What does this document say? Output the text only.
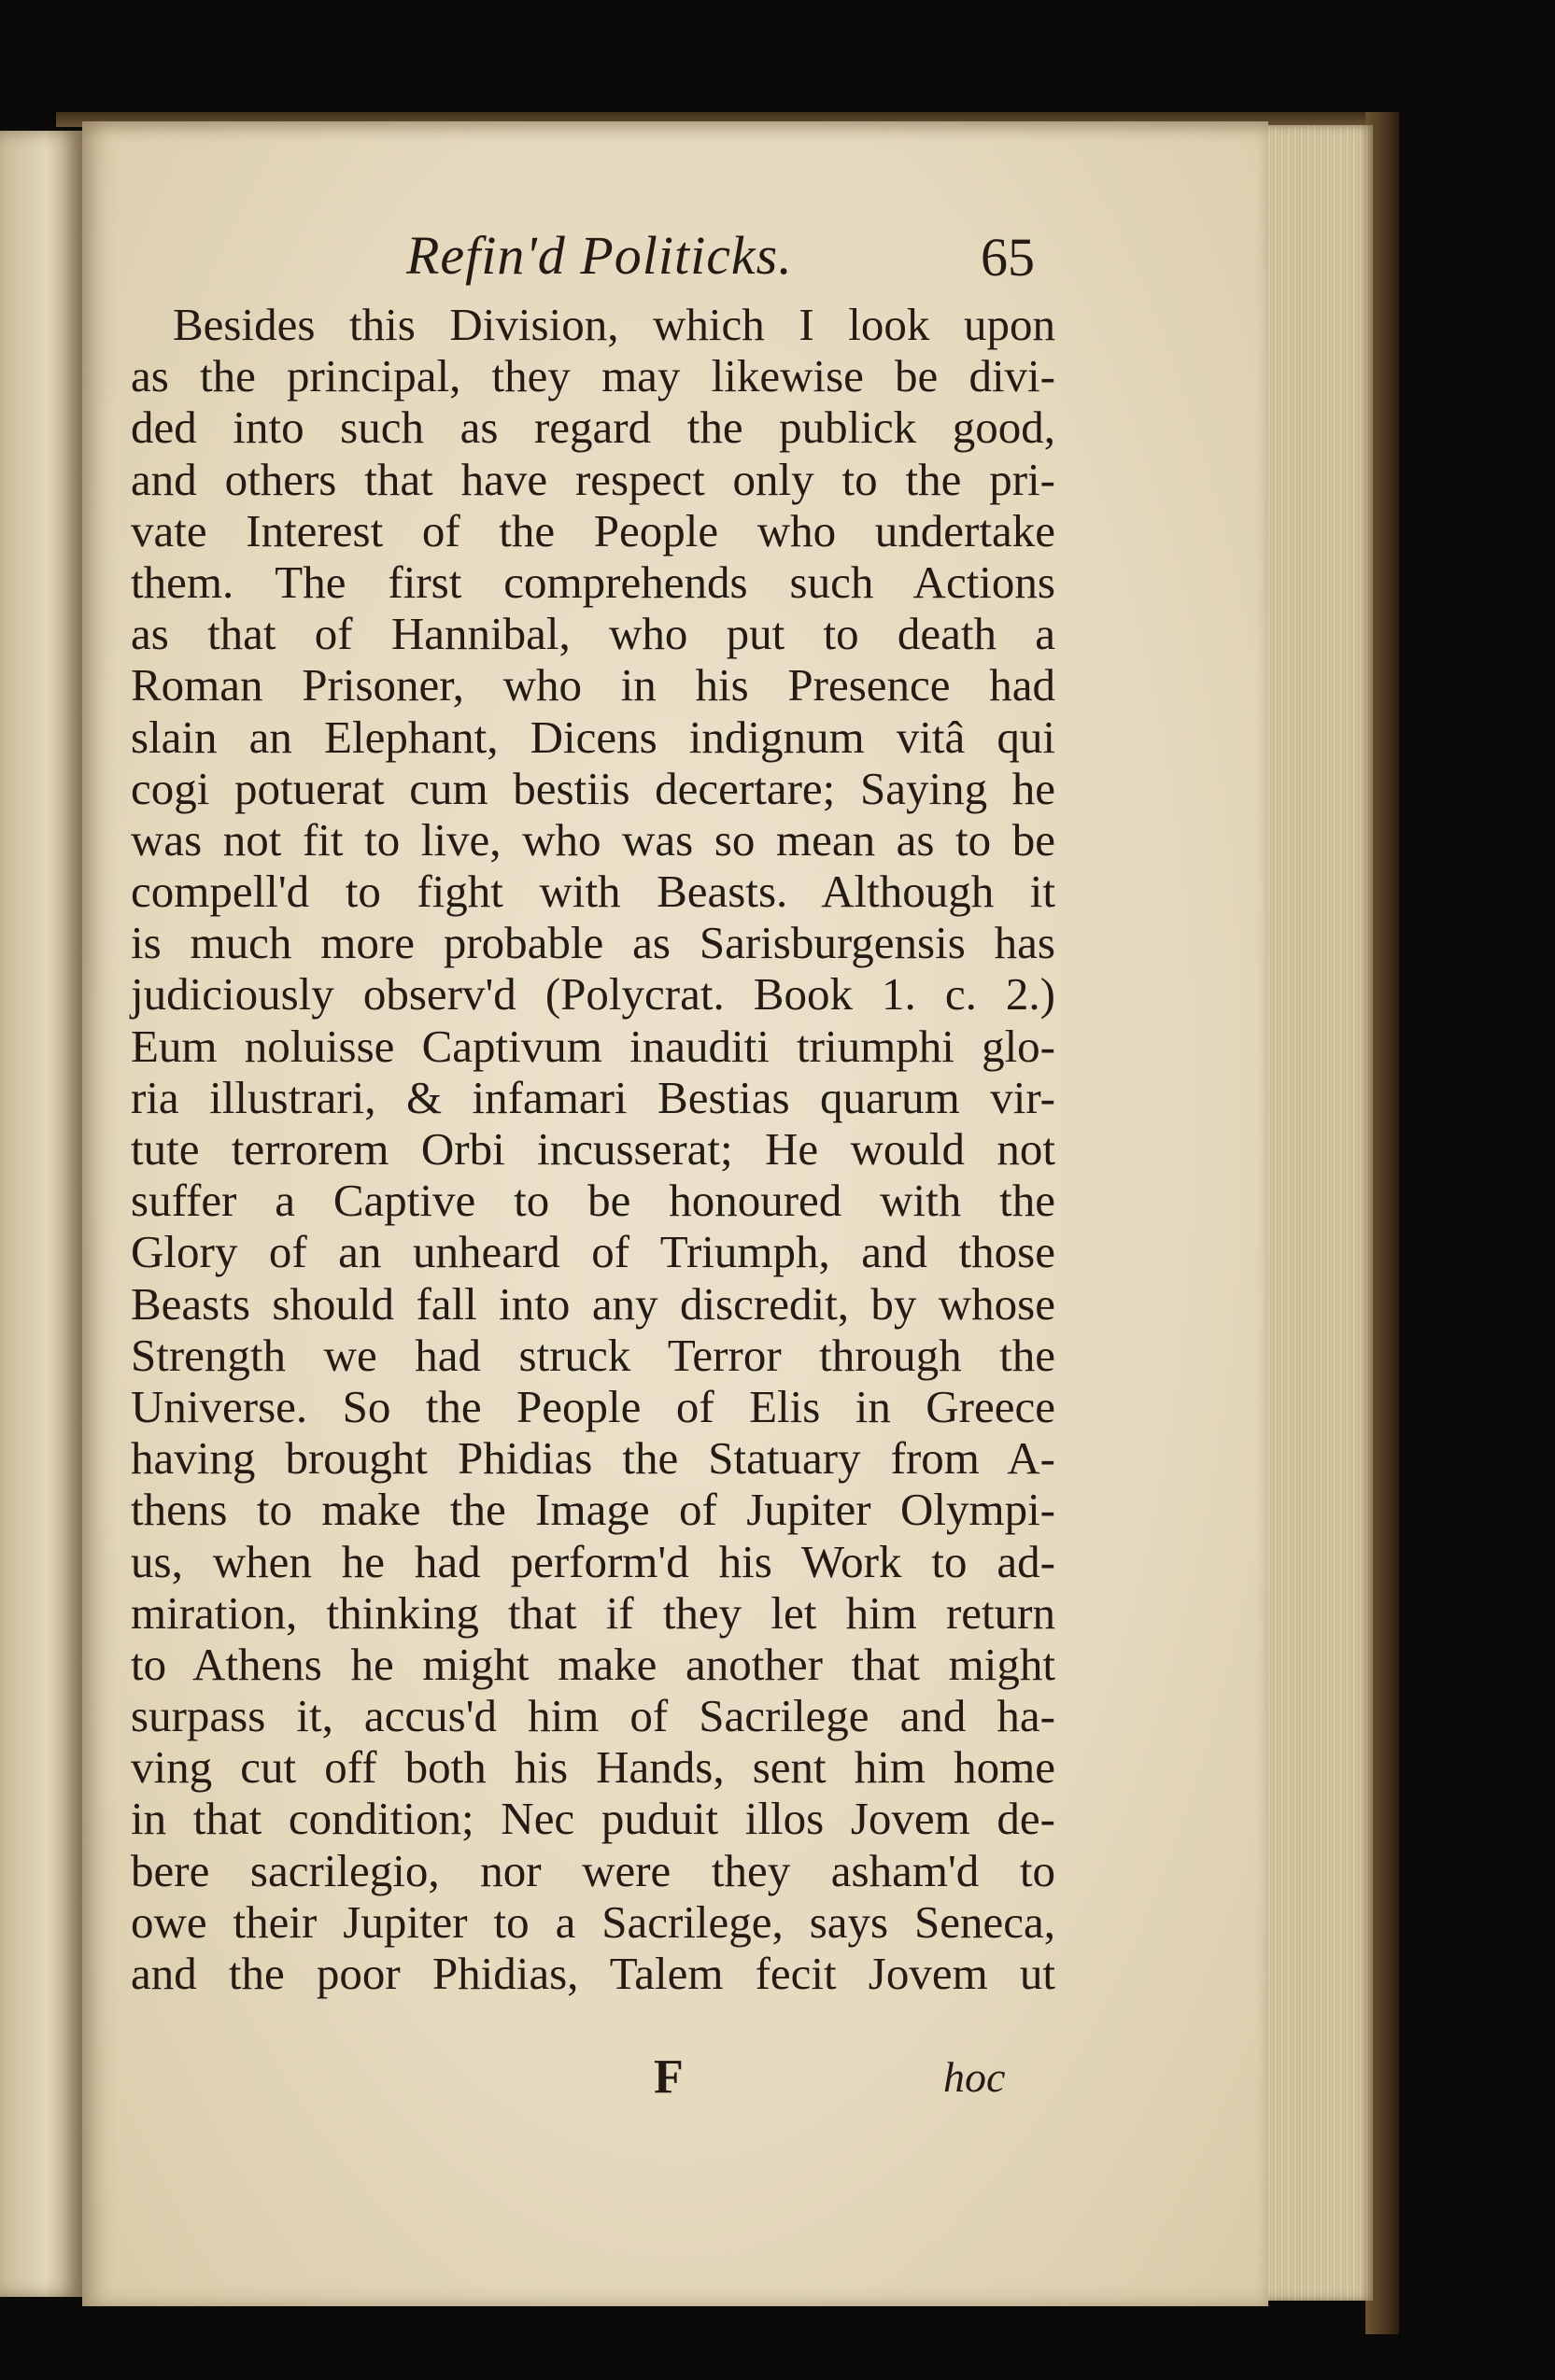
Refin'd Politicks.	65
Besides this Division, which I look upon
as the principal, they may likewise be divi-
ded into such as regard the publick good,
and others that have respect only to the pri-
vate Interest of the People who undertake
them. The first comprehends such Actions
as that of Hannibal, who put to death a
Roman Prisoner, who in his Presence had
slain an Elephant, Dicens indignum vitâ qui
cogi potuerat cum bestiis decertare; Saying he
was not fit to live, who was so mean as to be
compell'd to fight with Beasts. Although it
is much more probable as Sarisburgensis has
judiciously observ'd (Polycrat. Book 1. c. 2.)
Eum noluisse Captivum inauditi triumphi glo-
ria illustrari, & infamari Bestias quarum vir-
tute terrorem Orbi incusserat; He would not
suffer a Captive to be honoured with the
Glory of an unheard of Triumph, and those
Beasts should fall into any discredit, by whose
Strength we had struck Terror through the
Universe. So the People of Elis in Greece
having brought Phidias the Statuary from A-
thens to make the Image of Jupiter Olympi-
us, when he had perform'd his Work to ad-
miration, thinking that if they let him return
to Athens he might make another that might
surpass it, accus'd him of Sacrilege and ha-
ving cut off both his Hands, sent him home
in that condition; Nec puduit illos Jovem de-
bere sacrilegio, nor were they asham'd to
owe their Jupiter to a Sacrilege, says Seneca,
and the poor Phidias, Talem fecit Jovem ut
F	hoc
